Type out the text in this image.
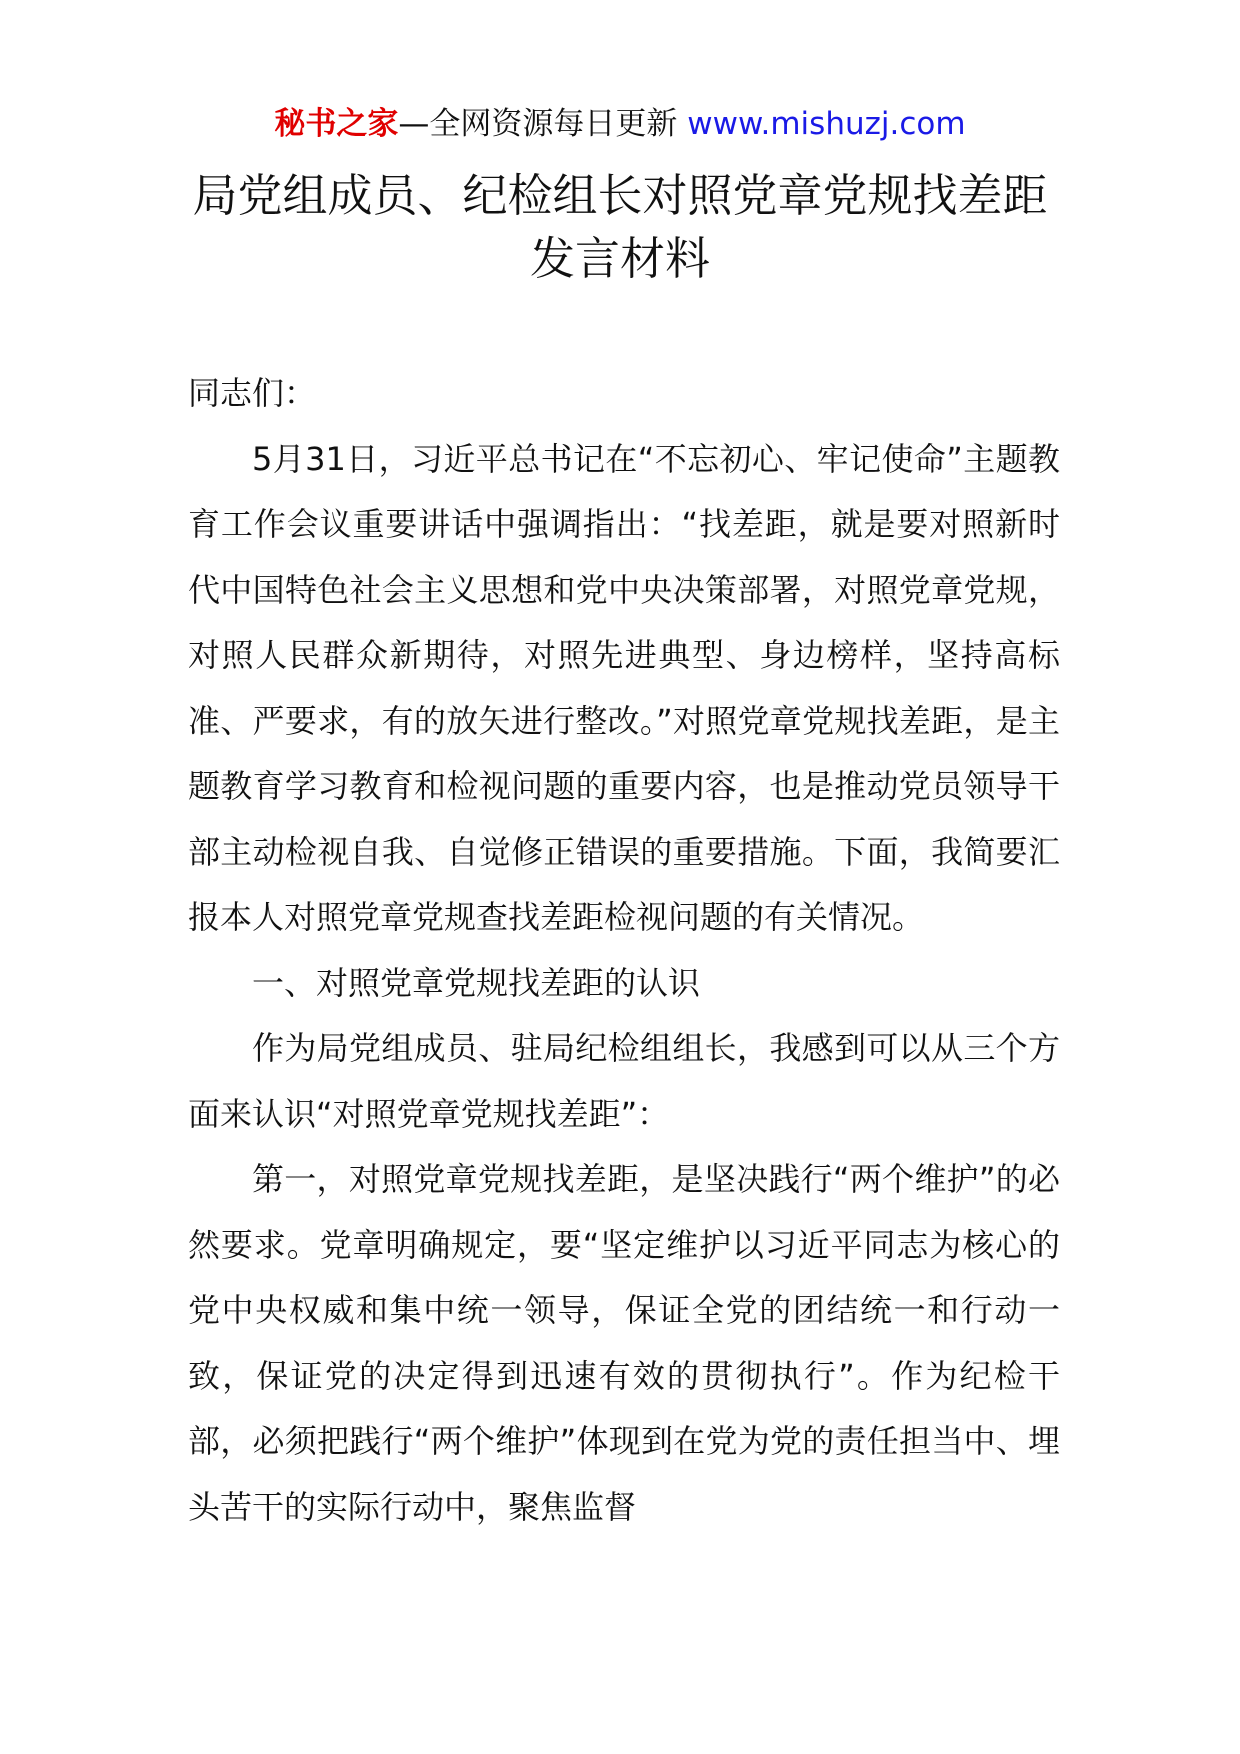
秘书之家—全网资源每日更新 www.mishuzj.com
局党组成员、纪检组长对照党章党规找差距发言材料

同志们：

5月31日，习近平总书记在“不忘初心、牢记使命”主题教育工作会议重要讲话中强调指出：“找差距，就是要对照新时代中国特色社会主义思想和党中央决策部署，对照党章党规，对照人民群众新期待，对照先进典型、身边榜样，坚持高标准、严要求，有的放矢进行整改。”对照党章党规找差距，是主题教育学习教育和检视问题的重要内容，也是推动党员领导干部主动检视自我、自觉修正错误的重要措施。下面，我简要汇报本人对照党章党规查找差距检视问题的有关情况。

一、对照党章党规找差距的认识

作为局党组成员、驻局纪检组组长，我感到可以从三个方面来认识“对照党章党规找差距”：

第一，对照党章党规找差距，是坚决践行“两个维护”的必然要求。党章明确规定，要“坚定维护以习近平同志为核心的党中央权威和集中统一领导，保证全党的团结统一和行动一致，保证党的决定得到迅速有效的贯彻执行”。作为纪检干部，必须把践行“两个维护”体现到在党为党的责任担当中、埋头苦干的实际行动中，聚焦监督
